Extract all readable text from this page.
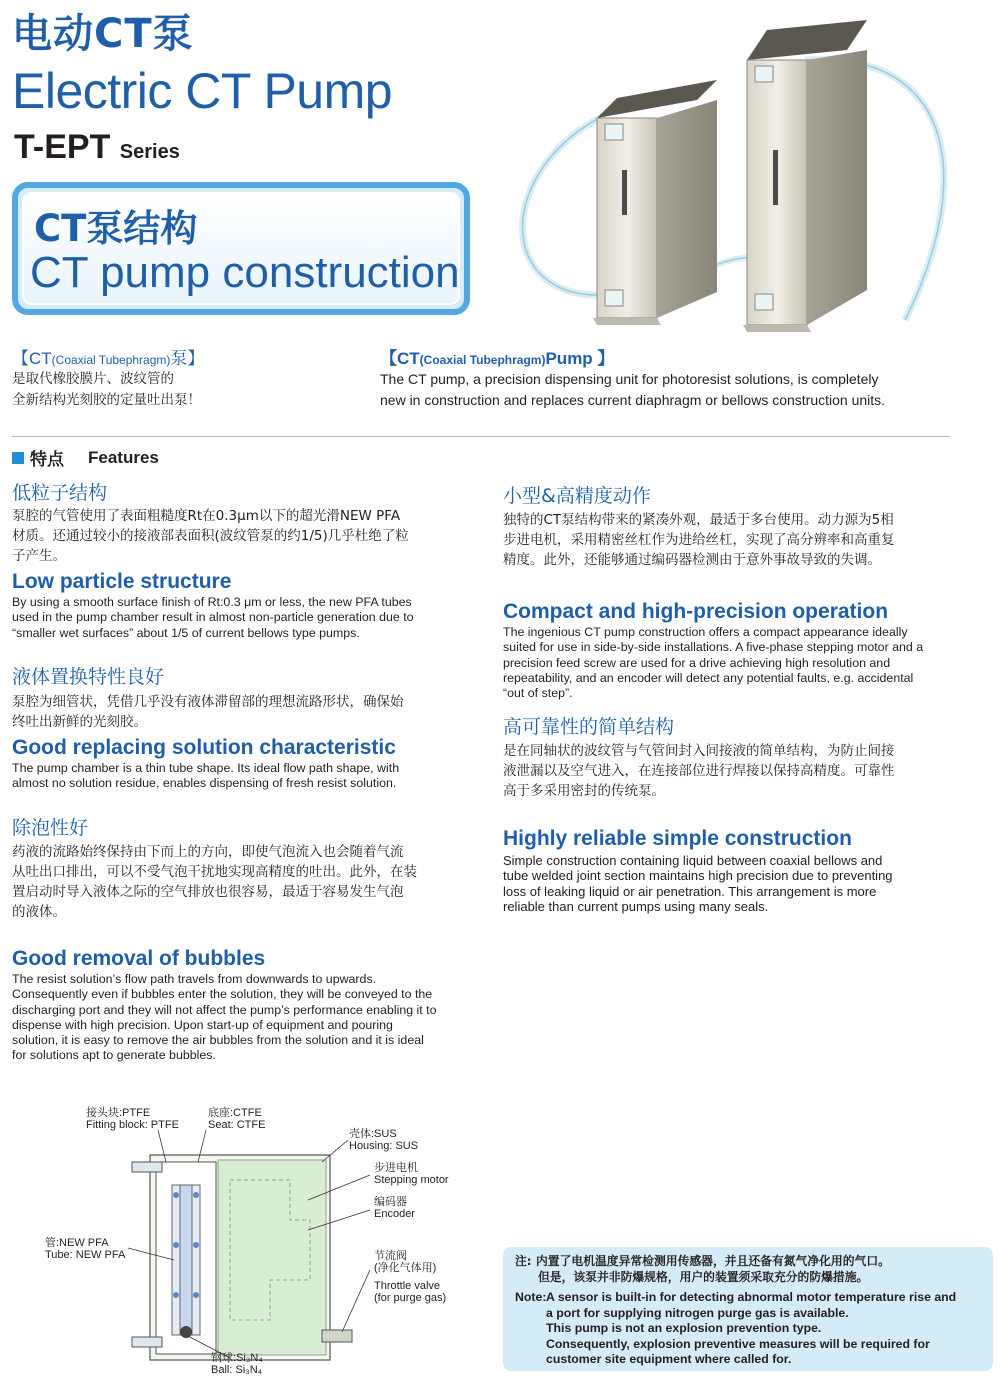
电动CT泵
Electric CT Pump
T-EPT Series
CT泵结构
CT pump construction
【CT(Coaxial Tubephragm)泵】
是取代橡胶膜片、波纹管的
全新结构光刻胶的定量吐出泵！
【CT(Coaxial Tubephragm)Pump 】
The CT pump, a precision dispensing unit for photoresist solutions, is completely
new in construction and replaces current diaphragm or bellows construction units.
特点 Features
低粒子结构
泵腔的气管使用了表面粗糙度Rt在0.3μm以下的超光滑NEW PFA
材质。还通过较小的接液部表面积(波纹管泵的约1/5)几乎杜绝了粒
子产生。
Low particle structure
By using a smooth surface finish of Rt:0.3 μm or less, the new PFA tubes
used in the pump chamber result in almost non-particle generation due to
“smaller wet surfaces” about 1/5 of current bellows type pumps.
液体置换特性良好
泵腔为细管状，凭借几乎没有液体滞留部的理想流路形状，确保始
终吐出新鲜的光刻胶。
Good replacing solution characteristic
The pump chamber is a thin tube shape. Its ideal flow path shape, with
almost no solution residue, enables dispensing of fresh resist solution.
除泡性好
药液的流路始终保持由下而上的方向，即使气泡流入也会随着气流
从吐出口排出，可以不受气泡干扰地实现高精度的吐出。此外，在装
置启动时导入液体之际的空气排放也很容易，最适于容易发生气泡
的液体。
Good removal of bubbles
The resist solution’s flow path travels from downwards to upwards.
Consequently even if bubbles enter the solution, they will be conveyed to the
discharging port and they will not affect the pump’s performance enabling it to
dispense with high precision. Upon start-up of equipment and pouring
solution, it is easy to remove the air bubbles from the solution and it is ideal
for solutions apt to generate bubbles.
小型&高精度动作
独特的CT泵结构带来的紧凑外观，最适于多台使用。动力源为5相
步进电机，采用精密丝杠作为进给丝杠，实现了高分辨率和高重复
精度。此外，还能够通过编码器检测由于意外事故导致的失调。
Compact and high-precision operation
The ingenious CT pump construction offers a compact appearance ideally
suited for use in side-by-side installations. A five-phase stepping motor and a
precision feed screw are used for a drive achieving high resolution and
repeatability, and an encoder will detect any potential faults, e.g. accidental
“out of step”.
高可靠性的简单结构
是在同轴状的波纹管与气管间封入间接液的简单结构，为防止间接
液泄漏以及空气进入，在连接部位进行焊接以保持高精度。可靠性
高于多采用密封的传统泵。
Highly reliable simple construction
Simple construction containing liquid between coaxial bellows and
tube welded joint section maintains high precision due to preventing
loss of leaking liquid or air penetration. This arrangement is more
reliable than current pumps using many seals.
接头块:PTFE
Fitting block: PTFE
底座:CTFE
Seat: CTFE
壳体:SUS
Housing: SUS
步进电机
Stepping motor
编码器
Encoder
管:NEW PFA
Tube: NEW PFA	节流阀
(净化气体用)
Throttle valve
(for purge gas)
钢球:Si₃N₄
Ball: Si₃N₄
注: 内置了电机温度异常检测用传感器，并且还备有氮气净化用的气口。
但是，该泵并非防爆规格，用户的装置须采取充分的防爆措施。
Note: A sensor is built-in for detecting abnormal motor temperature rise and
a port for supplying nitrogen purge gas is available.
This pump is not an explosion prevention type.
Consequently, explosion preventive measures will be required for
customer site equipment where called for.
